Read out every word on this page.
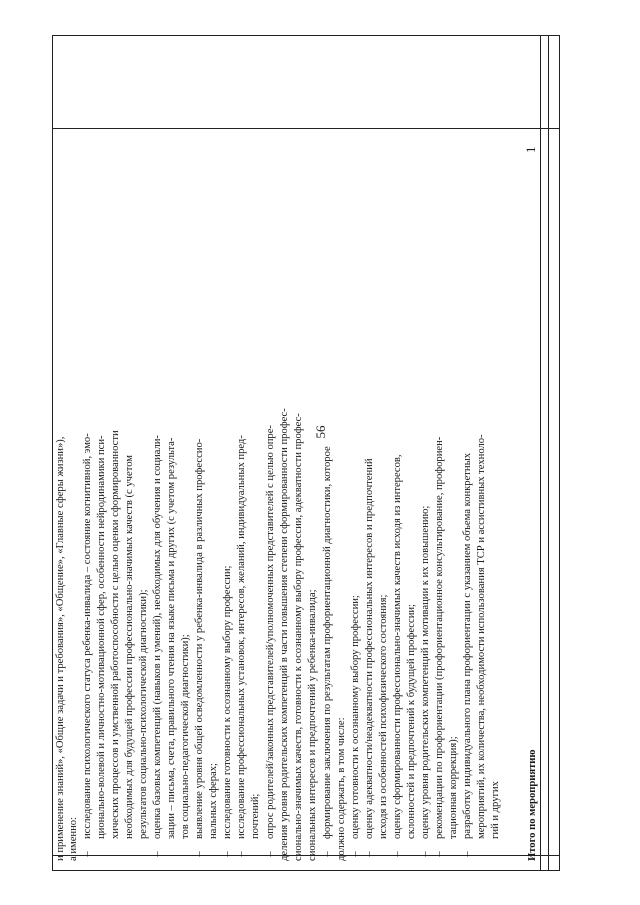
56

и применение знаний», «Общие задачи и требования», «Общение», «Главные сферы жизни»), а именно: –

исследование психологического статуса ребенка-инвалида – состояние когнитивной, эмо- ционально-волевой и личностно-мотивационной сфер, особенности нейродинамики пси- хических процессов и умственной работоспособности с целью оценки сформированности необходимых для будущей профессии профессионально-значимых качеств (с учетом результатов социально-психологической диагностики);

–

оценка базовых компетенций (навыков и умений), необходимых для обучения и социали- зации – письма, счета, правильного чтения на языке письма и других (с учетом результа- тов социально-педагогической диагностики);

–

выявление уровня общей осведомленности у ребенка-инвалида в различных профессио- нальных сферах;

–

исследование готовности к осознанному выбору профессии;

–

исследование профессиональных установок, интересов, желаний, индивидуальных пред- почтений;

–

опрос родителей/законных представителей/уполномоченных представителей с целью опре- деления уровня родительских компетенций в части повышения степени сформированности профес- сионально-значимых качеств, готовности к осознанному выбору профессии, адекватности профес- сиональных интересов и предпочтений у ребенка-инвалида; –

формирование заключения по результатам профориентационной диагностики, которое должно содержать, в том числе: –

оценку готовности к осознанному выбору профессии;

–

оценку адекватности/неадекватности профессиональных интересов и предпочтений исходя из особенностей психофизического состояния;

–

оценку сформированности профессионально-значимых качеств исходя из интересов, склонностей и предпочтений к будущей профессии;

–

оценку уровня родительских компетенций и мотивации к их повышению;

–

рекомендации по профориентации (профориентационное консультирование, профориен- тационная коррекция);

–

разработку индивидуального плана профориентации с указанием объема конкретных мероприятий, их количества, необходимости использования ТСР и ассистивных техноло- гий и других Итого по мероприятию
1
